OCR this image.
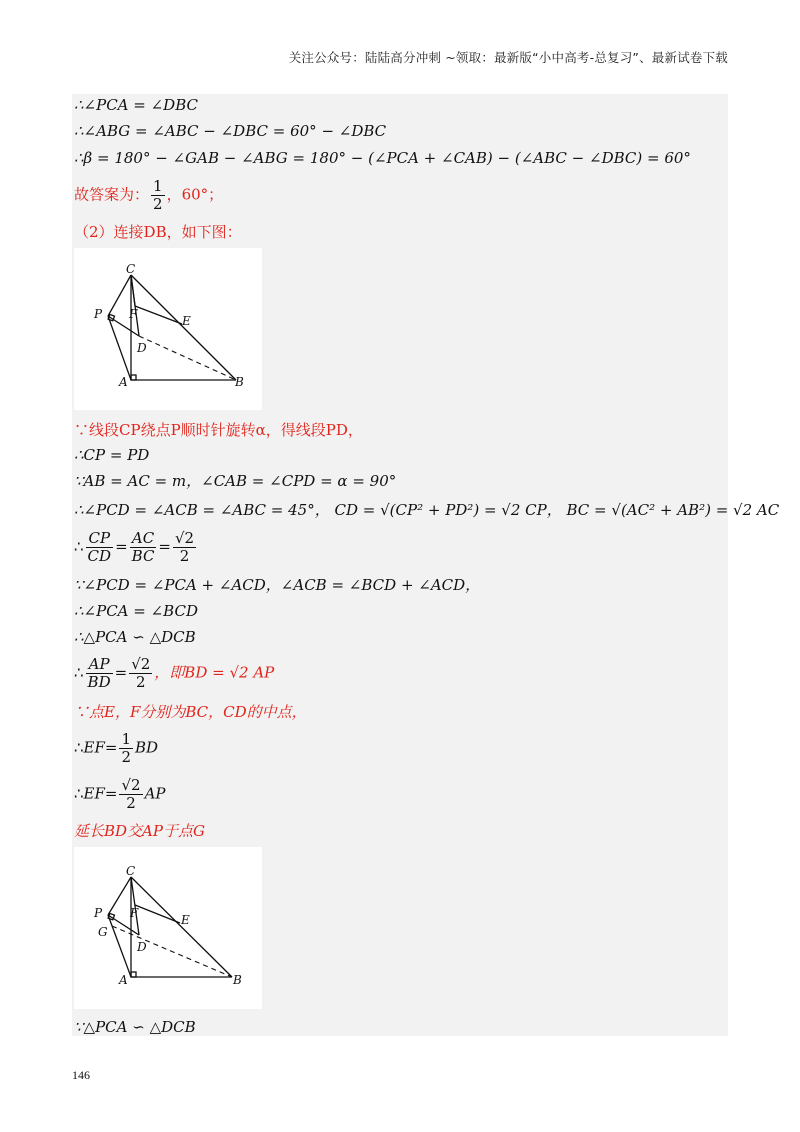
关注公众号：陆陆高分冲刺 ~领取：最新版“小中高考-总复习”、最新试卷下载
∴∠PCA = ∠DBC
∴∠ABG = ∠ABC − ∠DBC = 60° − ∠DBC
∴β = 180° − ∠GAB − ∠ABG = 180° − (∠PCA + ∠CAB) − (∠ABC − ∠DBC) = 60°
故答案为： $\frac{1}{2}$ ，60°；
（2）连接DB，如下图：
C
P F	E
D
A	B
∵线段CP绕点P顺时针旋转α，得线段PD，
∴CP = PD
∵AB = AC = m，∠CAB = ∠CPD = α = 90°
∴∠PCD = ∠ACB = ∠ABC = 45°， CD = √(CP² + PD²) = √2 CP， BC = √(AC² + AB²) = √2 AC
∴ $\frac{CP}{CD} = \frac{AC}{BC} = \frac{√2}{2}$
∵∠PCD = ∠PCA + ∠ACD，∠ACB = ∠BCD + ∠ACD，
∴∠PCA = ∠BCD
∴△PCA ∽ △DCB
∴ $\frac{AP}{BD} = \frac{√2}{2}$ ，即BD = √2 AP
∵点E，F分别为BC，CD的中点，
∴EF= $\frac{1}{2}$ BD
∴EF= $\frac{√2}{2}$ AP
延长BD交AP于点G
C
P F	E
G
D
A	B
∵△PCA ∽ △DCB
146
